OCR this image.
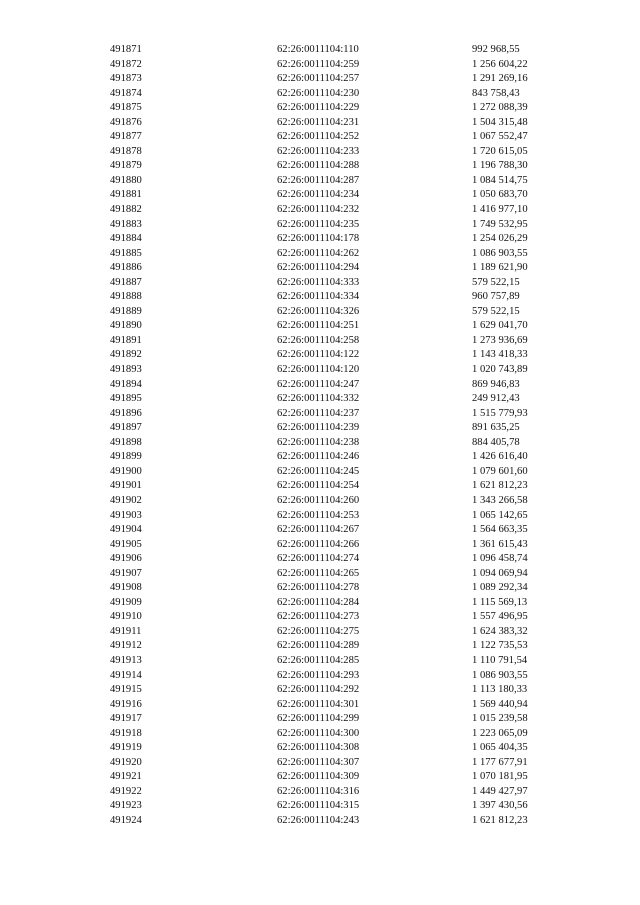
491871	62:26:0011104:110	992 968,55
491872	62:26:0011104:259	1 256 604,22
491873	62:26:0011104:257	1 291 269,16
491874	62:26:0011104:230	843 758,43
491875	62:26:0011104:229	1 272 088,39
491876	62:26:0011104:231	1 504 315,48
491877	62:26:0011104:252	1 067 552,47
491878	62:26:0011104:233	1 720 615,05
491879	62:26:0011104:288	1 196 788,30
491880	62:26:0011104:287	1 084 514,75
491881	62:26:0011104:234	1 050 683,70
491882	62:26:0011104:232	1 416 977,10
491883	62:26:0011104:235	1 749 532,95
491884	62:26:0011104:178	1 254 026,29
491885	62:26:0011104:262	1 086 903,55
491886	62:26:0011104:294	1 189 621,90
491887	62:26:0011104:333	579 522,15
491888	62:26:0011104:334	960 757,89
491889	62:26:0011104:326	579 522,15
491890	62:26:0011104:251	1 629 041,70
491891	62:26:0011104:258	1 273 936,69
491892	62:26:0011104:122	1 143 418,33
491893	62:26:0011104:120	1 020 743,89
491894	62:26:0011104:247	869 946,83
491895	62:26:0011104:332	249 912,43
491896	62:26:0011104:237	1 515 779,93
491897	62:26:0011104:239	891 635,25
491898	62:26:0011104:238	884 405,78
491899	62:26:0011104:246	1 426 616,40
491900	62:26:0011104:245	1 079 601,60
491901	62:26:0011104:254	1 621 812,23
491902	62:26:0011104:260	1 343 266,58
491903	62:26:0011104:253	1 065 142,65
491904	62:26:0011104:267	1 564 663,35
491905	62:26:0011104:266	1 361 615,43
491906	62:26:0011104:274	1 096 458,74
491907	62:26:0011104:265	1 094 069,94
491908	62:26:0011104:278	1 089 292,34
491909	62:26:0011104:284	1 115 569,13
491910	62:26:0011104:273	1 557 496,95
491911	62:26:0011104:275	1 624 383,32
491912	62:26:0011104:289	1 122 735,53
491913	62:26:0011104:285	1 110 791,54
491914	62:26:0011104:293	1 086 903,55
491915	62:26:0011104:292	1 113 180,33
491916	62:26:0011104:301	1 569 440,94
491917	62:26:0011104:299	1 015 239,58
491918	62:26:0011104:300	1 223 065,09
491919	62:26:0011104:308	1 065 404,35
491920	62:26:0011104:307	1 177 677,91
491921	62:26:0011104:309	1 070 181,95
491922	62:26:0011104:316	1 449 427,97
491923	62:26:0011104:315	1 397 430,56
491924	62:26:0011104:243	1 621 812,23
